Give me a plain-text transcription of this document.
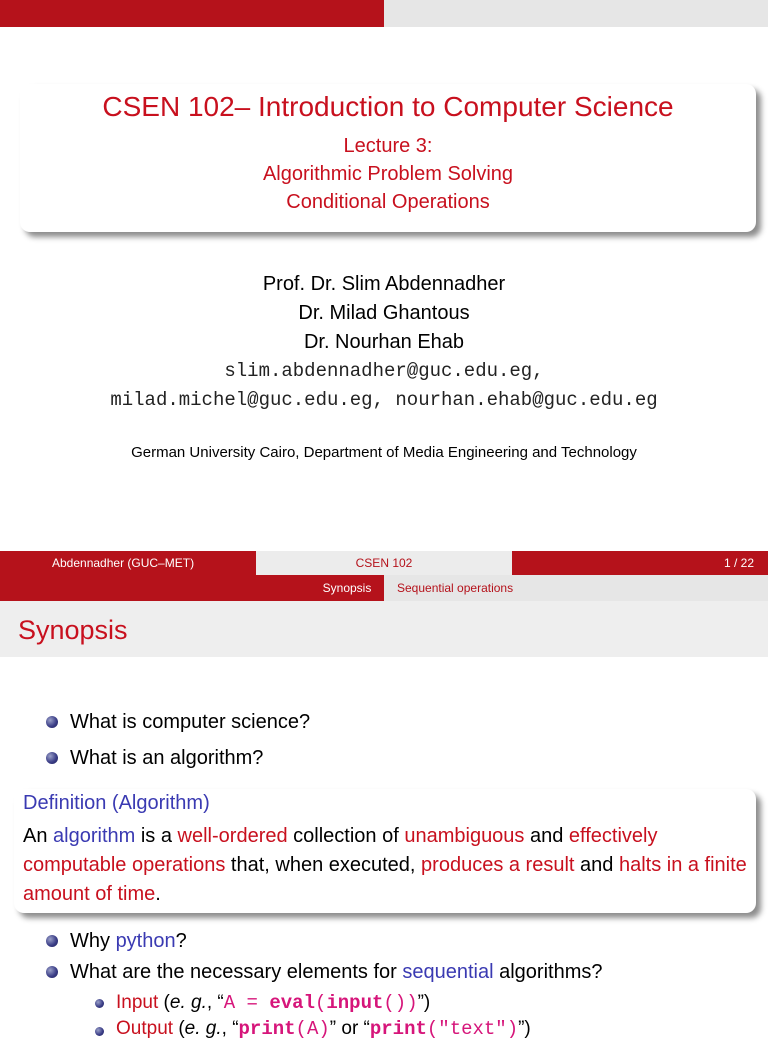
CSEN 102– Introduction to Computer Science
Lecture 3:
Algorithmic Problem Solving
Conditional Operations
Prof. Dr. Slim Abdennadher
Dr. Milad Ghantous
Dr. Nourhan Ehab
slim.abdennadher@guc.edu.eg,
milad.michel@guc.edu.eg, nourhan.ehab@guc.edu.eg
German University Cairo, Department of Media Engineering and Technology
Abdennadher (GUC–MET)	CSEN 102	1 / 22
Synopsis	Sequential operations
Synopsis
What is computer science?
What is an algorithm?
Definition (Algorithm)
An algorithm is a well-ordered collection of unambiguous and effectively computable operations that, when executed, produces a result and halts in a finite amount of time.
Why python?
What are the necessary elements for sequential algorithms?
Input (e. g., “A = eval(input())”)
Output (e. g., “print(A)” or “print("text")”)
